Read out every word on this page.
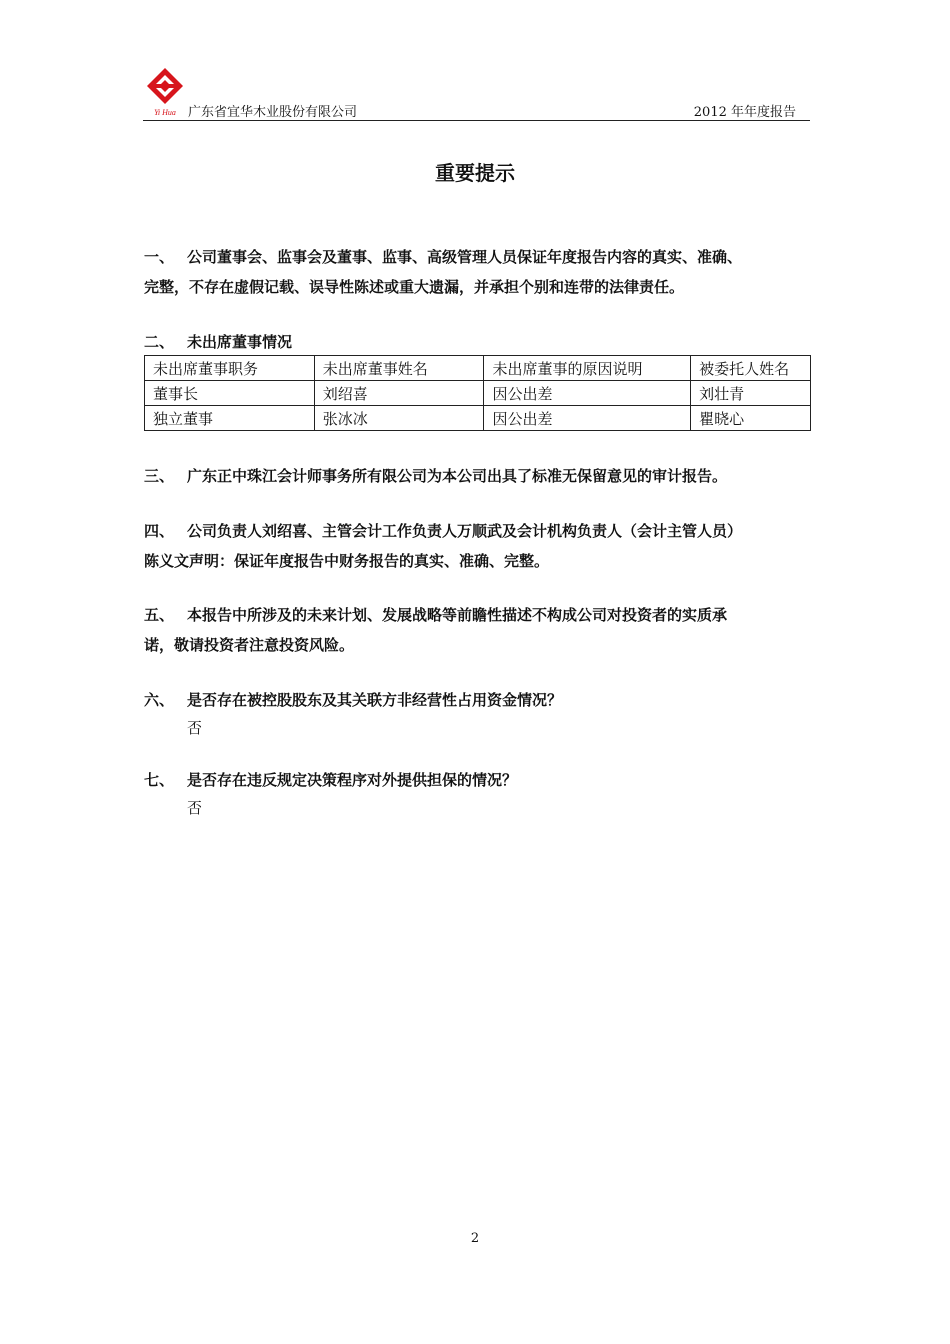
Yi Hua 广东省宜华木业股份有限公司	2012 年年度报告
重要提示
一、 公司董事会、监事会及董事、监事、高级管理人员保证年度报告内容的真实、准确、
完整，不存在虚假记载、误导性陈述或重大遗漏，并承担个别和连带的法律责任。
二、 未出席董事情况
未出席董事职务	未出席董事姓名	未出席董事的原因说明	被委托人姓名
董事长	刘绍喜	因公出差	刘壮青
独立董事	张冰冰	因公出差	瞿晓心
三、 广东正中珠江会计师事务所有限公司为本公司出具了标准无保留意见的审计报告。
四、 公司负责人刘绍喜、主管会计工作负责人万顺武及会计机构负责人（会计主管人员）
陈义文声明：保证年度报告中财务报告的真实、准确、完整。
五、 本报告中所涉及的未来计划、发展战略等前瞻性描述不构成公司对投资者的实质承
诺，敬请投资者注意投资风险。
六、 是否存在被控股股东及其关联方非经营性占用资金情况？
否
七、 是否存在违反规定决策程序对外提供担保的情况？
否
2
